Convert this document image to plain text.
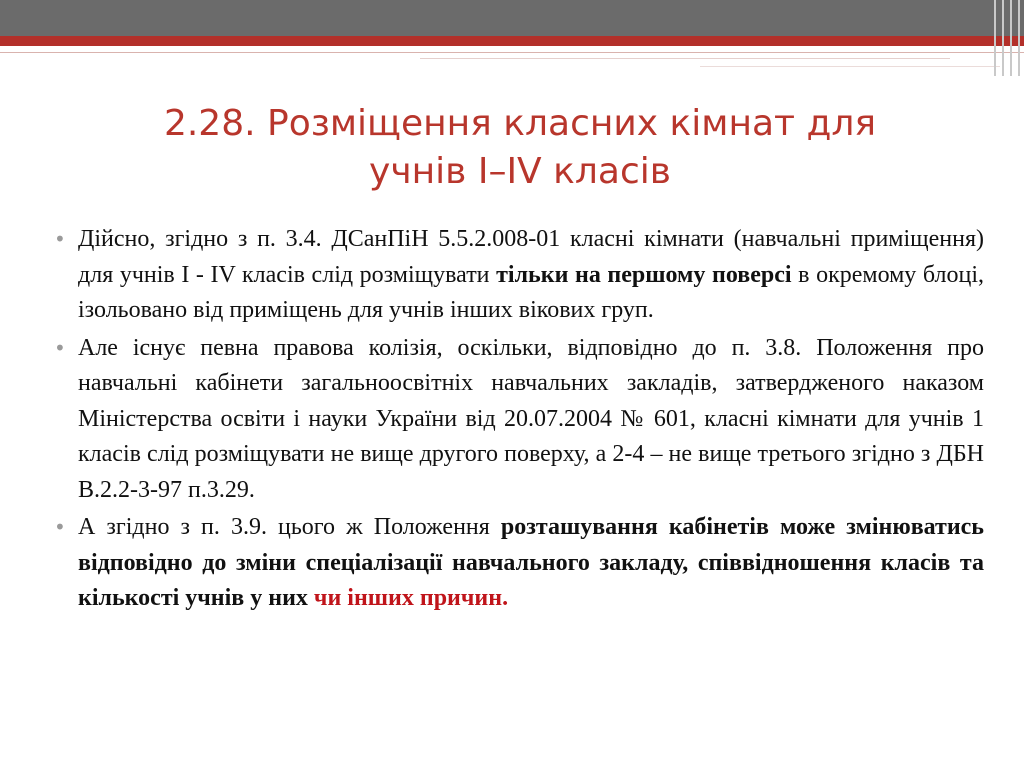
2.28. Розміщення класних кімнат для
учнів I–IV класів

• Дійсно, згідно з п. 3.4. ДСанПіН 5.5.2.008-01 класні кімнати (навчальні приміщення) для учнів I - IV класів слід розміщувати тільки на першому поверсі в окремому блоці, ізольовано від приміщень для учнів інших вікових груп.

• Але існує певна правова колізія, оскільки, відповідно до п. 3.8. Положення про навчальні кабінети загальноосвітніх навчальних закладів, затвердженого наказом Міністерства освіти і науки України від 20.07.2004 № 601, класні кімнати для учнів 1 класів слід розміщувати не вище другого поверху, а 2-4 – не вище третього згідно з ДБН В.2.2-3-97 п.3.29.

• А згідно з п. 3.9. цього ж Положення розташування кабінетів може змінюватись відповідно до зміни спеціалізації навчального закладу, співвідношення класів та кількості учнів у них чи інших причин.
